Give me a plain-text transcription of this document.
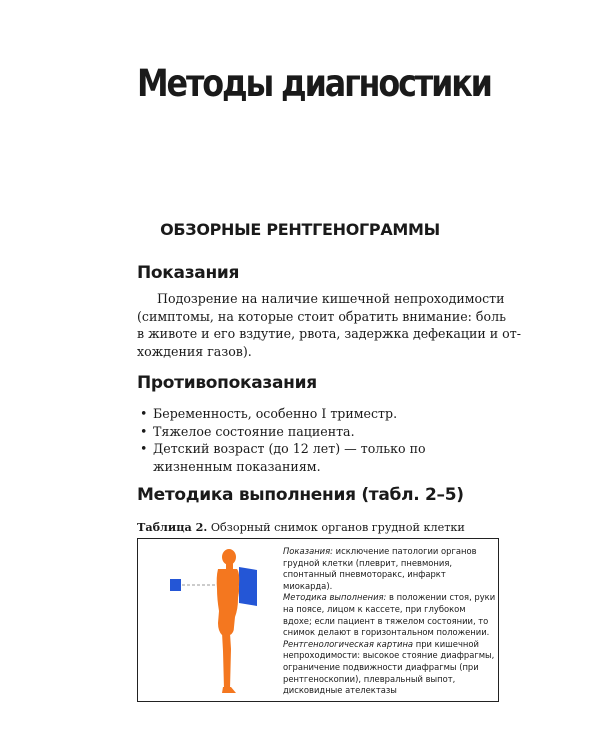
Методы диагностики
ОБЗОРНЫЕ РЕНТГЕНОГРАММЫ
Показания

Подозрение на наличие кишечной непроходимости
(симптомы, на которые стоит обратить внимание: боль
в животе и его вздутие, рвота, задержка дефекации и от-
хождения газов).

Противопоказания
• Беременность, особенно I триместр.
• Тяжелое состояние пациента.
• Детский возраст (до 12 лет) — только по жизненным показаниям.
Методика выполнения (табл. 2–5)

Таблица 2. Обзорный снимок органов грудной клетки

Показания: исключение патологии органов грудной клетки (плеврит, пневмония, спонтанный пневмоторакс, инфаркт миокарда).

Методика выполнения: в положении стоя, руки на поясе, лицом к кассете, при глубоком вдохе; если пациент в тяжелом состоянии, то снимок делают в горизонтальном положении.

Рентгенологическая картина при кишечной непроходимости: высокое стояние диафрагмы, ограничение подвижности диафрагмы (при рентгеноскопии), плевральный выпот, дисковидные ателектазы
